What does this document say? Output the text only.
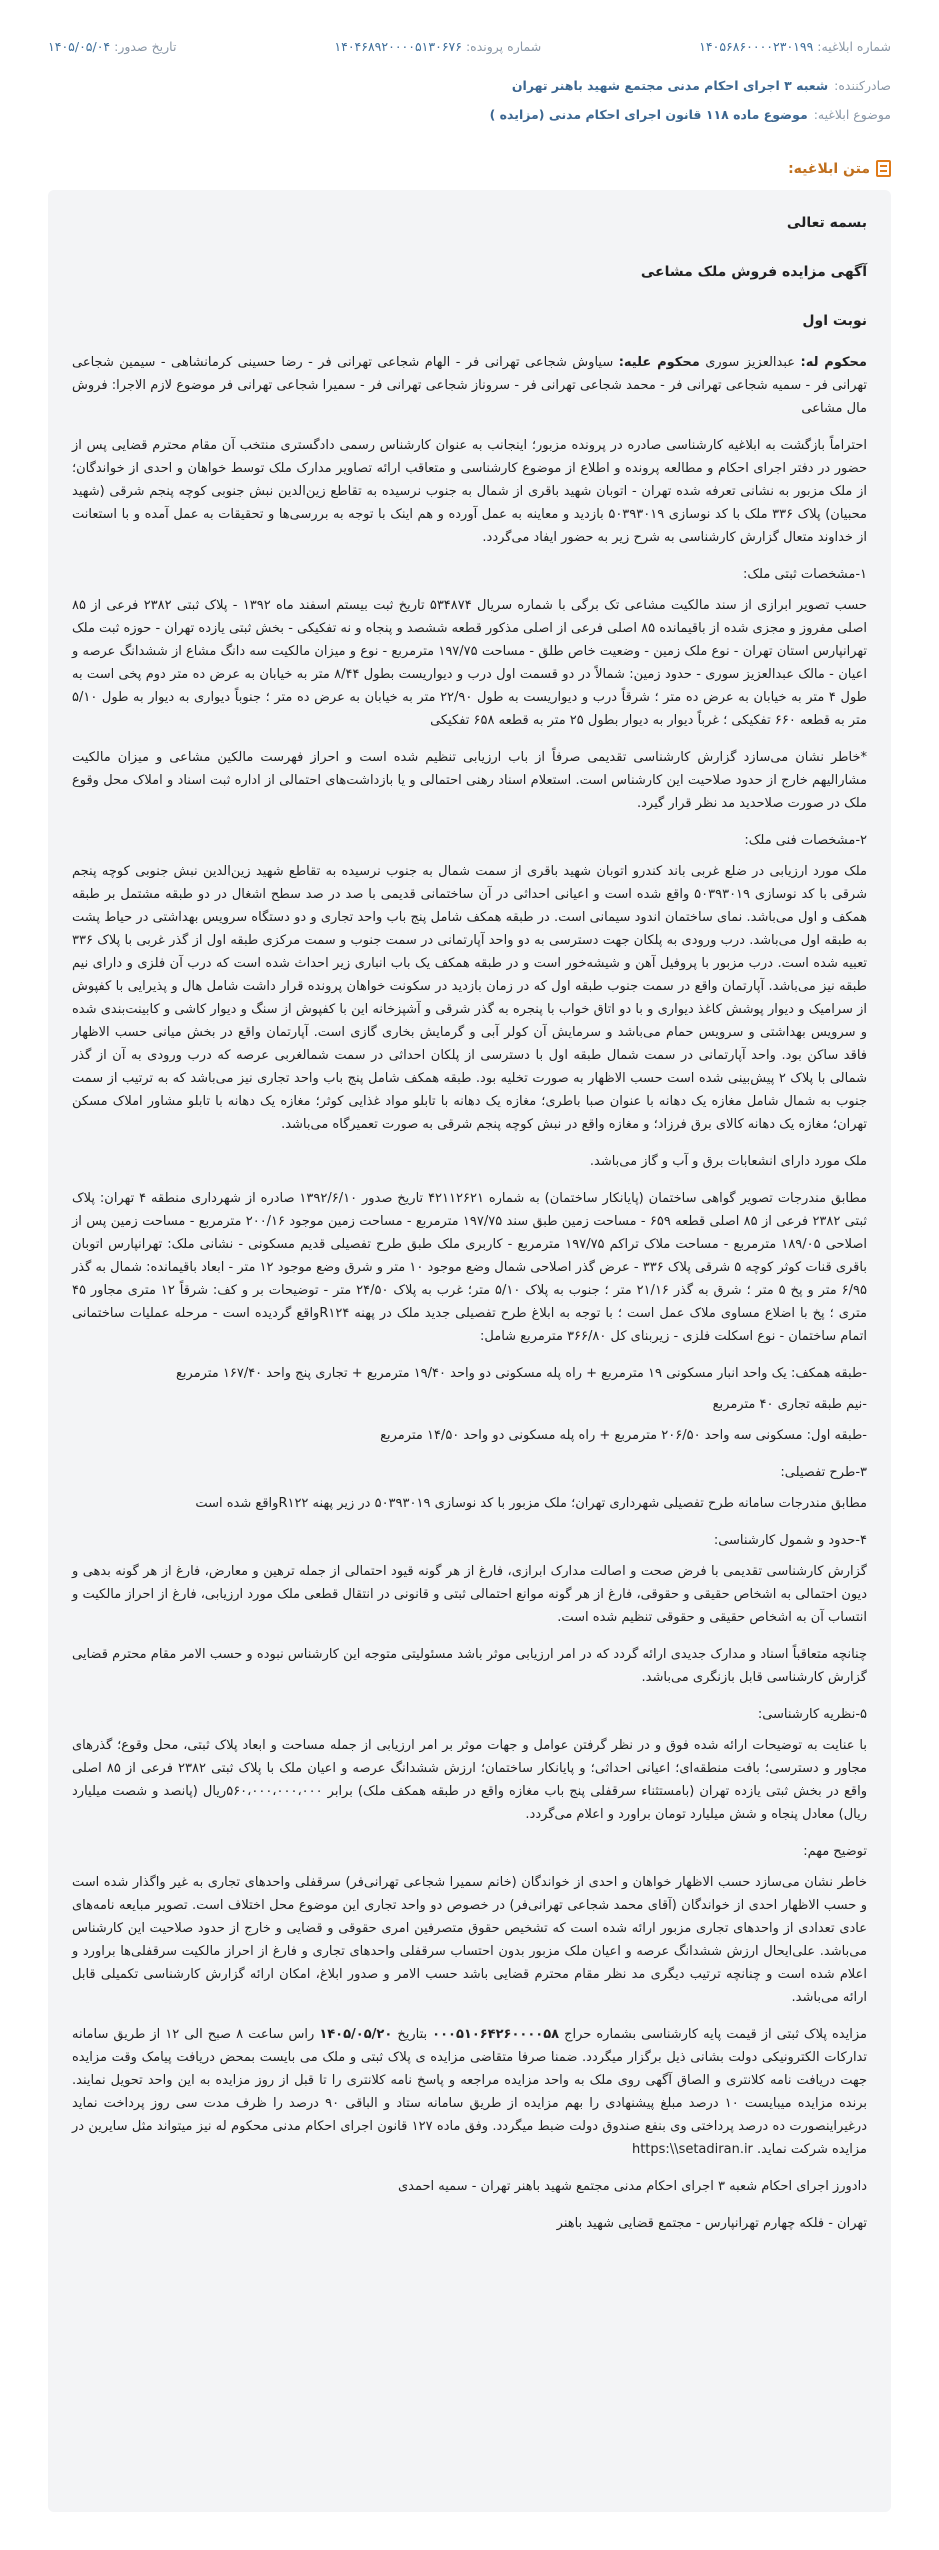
شماره ابلاغیه: ۱۴۰۵۶۸۶۰۰۰۰۲۳۰۱۹۹
شماره پرونده: ۱۴۰۴۶۸۹۲۰۰۰۰۵۱۳۰۶۷۶
تاریخ صدور: ۱۴۰۵/۰۵/۰۴
صادرکننده:
شعبه ۳ اجرای احکام مدنی مجتمع شهید باهنر تهران
موضوع ابلاغیه:
موضوع ماده ۱۱۸ قانون اجرای احکام مدنی (مزایده )
متن ابلاغیه:

بسمه تعالی

آگهی مزایده فروش ملک مشاعی

نوبت اول

محکوم له: عبدالعزیز سوری محکوم علیه: سیاوش شجاعی تهرانی فر - الهام شجاعی تهرانی فر - رضا حسینی کرمانشاهی - سیمین شجاعی تهرانی فر - سمیه شجاعی تهرانی فر - محمد شجاعی تهرانی فر - سروناز شجاعی تهرانی فر - سمیرا شجاعی تهرانی فر موضوع لازم الاجرا: فروش مال مشاعی

احتراماً بازگشت به ابلاغیه کارشناسی صادره در پرونده مزبور؛ اینجانب به عنوان کارشناس رسمی دادگستری منتخب آن مقام محترم قضایی پس از حضور در دفتر اجرای احکام و مطالعه پرونده و اطلاع از موضوع کارشناسی و متعاقب ارائه تصاویر مدارک ملک توسط خواهان و احدی از خواندگان؛ از ملک مزبور به نشانی تعرفه شده تهران - اتوبان شهید باقری از شمال به جنوب نرسیده به تقاطع زین‌الدین نبش جنوبی کوچه پنجم شرقی (شهید محبیان) پلاک ۳۳۶ ملک با کد نوسازی ۵۰۳۹۳۰۱۹ بازدید و معاینه به عمل آورده و هم اینک با توجه به بررسی‌ها و تحقیقات به عمل آمده و با استعانت از خداوند متعال گزارش کارشناسی به شرح زیر به حضور ایفاد می‌گردد.

۱-مشخصات ثبتی ملک:

حسب تصویر ابرازی از سند مالکیت مشاعی تک برگی با شماره سریال ۵۳۴۸۷۴ تاریخ ثبت بیستم اسفند ماه ۱۳۹۲ - پلاک ثبتی ۲۳۸۲ فرعی از ۸۵ اصلی مفروز و مجزی شده از باقیمانده ۸۵ اصلی فرعی از اصلی مذکور قطعه ششصد و پنجاه و نه تفکیکی - بخش ثبتی یازده تهران - حوزه ثبت ملک تهرانپارس استان تهران - نوع ملک زمین - وضعیت خاص طلق - مساحت ۱۹۷/۷۵ مترمربع - نوع و میزان مالکیت سه دانگ مشاع از ششدانگ عرصه و اعیان - مالک عبدالعزیز سوری - حدود زمین: شمالاً در دو قسمت اول درب و دیواریست بطول ۸/۴۴ متر به خیابان به عرض ده متر دوم پخی است به طول ۴ متر به خیابان به عرض ده متر ؛ شرقاً درب و دیواریست به طول ۲۲/۹۰ متر به خیابان به عرض ده متر ؛ جنوباً دیواری به دیوار به طول ۵/۱۰ متر به قطعه ۶۶۰ تفکیکی ؛ غرباً دیوار به دیوار بطول ۲۵ متر به قطعه ۶۵۸ تفکیکی

*خاطر نشان می‌سازد گزارش کارشناسی تقدیمی صرفاً از باب ارزیابی تنظیم شده است و احراز فهرست مالکین مشاعی و میزان مالکیت مشارالیهم خارج از حدود صلاحیت این کارشناس است. استعلام اسناد رهنی احتمالی و یا بازداشت‌های احتمالی از اداره ثبت اسناد و املاک محل وقوع ملک در صورت صلاحدید مد نظر قرار گیرد.

۲-مشخصات فنی ملک:

ملک مورد ارزیابی در ضلع غربی باند کندرو اتوبان شهید باقری از سمت شمال به جنوب نرسیده به تقاطع شهید زین‌الدین نبش جنوبی کوچه پنجم شرقی با کد نوسازی ۵۰۳۹۳۰۱۹ واقع شده است و اعیانی احداثی در آن ساختمانی قدیمی با صد در صد سطح اشغال در دو طبقه مشتمل بر طبقه همکف و اول می‌باشد. نمای ساختمان اندود سیمانی است. در طبقه همکف شامل پنج باب واحد تجاری و دو دستگاه سرویس بهداشتی در حیاط پشت به طبقه اول می‌باشد. درب ورودی به پلکان جهت دسترسی به دو واحد آپارتمانی در سمت جنوب و سمت مرکزی طبقه اول از گذر غربی با پلاک ۳۳۶ تعبیه شده است. درب مزبور با پروفیل آهن و شیشه‌خور است و در طبقه همکف یک باب انباری زیر احداث شده است که درب آن فلزی و دارای نیم طبقه نیز می‌باشد. آپارتمان واقع در سمت جنوب طبقه اول که در زمان بازدید در سکونت خواهان پرونده قرار داشت شامل هال و پذیرایی با کفپوش از سرامیک و دیوار پوشش کاغذ دیواری و با دو اتاق خواب با پنجره به گذر شرقی و آشپزخانه این با کفپوش از سنگ و دیوار کاشی و کابینت‌بندی شده و سرویس بهداشتی و سرویس حمام می‌باشد و سرمایش آن کولر آبی و گرمایش بخاری گازی است. آپارتمان واقع در بخش میانی حسب الاظهار فاقد ساکن بود. واحد آپارتمانی در سمت شمال طبقه اول با دسترسی از پلکان احداثی در سمت شمالغربی عرصه که درب ورودی به آن از گذر شمالی با پلاک ۲ پیش‌بینی شده است حسب الاظهار به صورت تخلیه بود. طبقه همکف شامل پنج باب واحد تجاری نیز می‌باشد که به ترتیب از سمت جنوب به شمال شامل مغازه یک دهانه با عنوان صبا باطری؛ مغازه یک دهانه با تابلو مواد غذایی کوثر؛ مغازه یک دهانه با تابلو مشاور املاک مسکن تهران؛ مغازه یک دهانه کالای برق فرزاد؛ و مغازه واقع در نبش کوچه پنجم شرقی به صورت تعمیرگاه می‌باشد.

ملک مورد دارای انشعابات برق و آب و گاز می‌باشد.

مطابق مندرجات تصویر گواهی ساختمان (پایانکار ساختمان) به شماره ۴۲۱۱۲۶۲۱ تاریخ صدور ۱۳۹۲/۶/۱۰ صادره از شهرداری منطقه ۴ تهران: پلاک ثبتی ۲۳۸۲ فرعی از ۸۵ اصلی قطعه ۶۵۹ - مساحت زمین طبق سند ۱۹۷/۷۵ مترمربع - مساحت زمین موجود ۲۰۰/۱۶ مترمربع - مساحت زمین پس از اصلاحی ۱۸۹/۰۵ مترمربع - مساحت ملاک تراکم ۱۹۷/۷۵ مترمربع - کاربری ملک طبق طرح تفصیلی قدیم مسکونی - نشانی ملک: تهرانپارس اتوبان باقری قنات کوثر کوچه ۵ شرقی پلاک ۳۳۶ - عرض گذر اصلاحی شمال وضع موجود ۱۰ متر و شرق وضع موجود ۱۲ متر - ابعاد باقیمانده: شمال به گذر ۶/۹۵ متر و پخ ۵ متر ؛ شرق به گذر ۲۱/۱۶ متر ؛ جنوب به پلاک ۵/۱۰ متر؛ غرب به پلاک ۲۴/۵۰ متر - توضیحات بر و کف: شرقاً ۱۲ متری مجاور ۴۵ متری ؛ پخ با اضلاع مساوی ملاک عمل است ؛ با توجه به ابلاغ طرح تفصیلی جدید ملک در پهنه R۱۲۴واقع گردیده است - مرحله عملیات ساختمانی اتمام ساختمان - نوع اسکلت فلزی - زیربنای کل ۳۶۶/۸۰ مترمربع شامل:

-طبقه همکف: یک واحد انبار مسکونی ۱۹ مترمربع + راه پله مسکونی دو واحد ۱۹/۴۰ مترمربع + تجاری پنج واحد ۱۶۷/۴۰ مترمربع

-نیم طبقه تجاری ۴۰ مترمربع

-طبقه اول: مسکونی سه واحد ۲۰۶/۵۰ مترمربع + راه پله مسکونی دو واحد ۱۴/۵۰ مترمربع

۳-طرح تفصیلی:

مطابق مندرجات سامانه طرح تفصیلی شهرداری تهران؛ ملک مزبور با کد نوسازی ۵۰۳۹۳۰۱۹ در زیر پهنه R۱۲۲واقع شده است

۴-حدود و شمول کارشناسی:

گزارش کارشناسی تقدیمی با فرض صحت و اصالت مدارک ابرازی، فارغ از هر گونه قیود احتمالی از جمله ترهین و معارض، فارغ از هر گونه بدهی و دیون احتمالی به اشخاص حقیقی و حقوقی، فارغ از هر گونه موانع احتمالی ثبتی و قانونی در انتقال قطعی ملک مورد ارزیابی، فارغ از احراز مالکیت و انتساب آن به اشخاص حقیقی و حقوقی تنظیم شده است.

چنانچه متعاقباً اسناد و مدارک جدیدی ارائه گردد که در امر ارزیابی موثر باشد مسئولیتی متوجه این کارشناس نبوده و حسب الامر مقام محترم قضایی گزارش کارشناسی قابل بازنگری می‌باشد.

۵-نظریه کارشناسی:

با عنایت به توضیحات ارائه شده فوق و در نظر گرفتن عوامل و جهات موثر بر امر ارزیابی از جمله مساحت و ابعاد پلاک ثبتی، محل وقوع؛ گذرهای مجاور و دسترسی؛ بافت منطقه‌ای؛ اعیانی احداثی؛ و پایانکار ساختمان؛ ارزش ششدانگ عرصه و اعیان ملک با پلاک ثبتی ۲۳۸۲ فرعی از ۸۵ اصلی واقع در بخش ثبتی یازده تهران (بامستثناء سرقفلی پنج باب مغازه واقع در طبقه همکف ملک) برابر ۵۶۰،۰۰۰،۰۰۰،۰۰۰ریال (پانصد و شصت میلیارد ریال) معادل پنجاه و شش میلیارد تومان براورد و اعلام می‌گردد.

توضیح مهم:

خاطر نشان می‌سازد حسب الاظهار خواهان و احدی از خواندگان (خانم سمیرا شجاعی تهرانی‌فر) سرقفلی واحدهای تجاری به غیر واگذار شده است و حسب الاظهار احدی از خواندگان (آقای محمد شجاعی تهرانی‌فر) در خصوص دو واحد تجاری این موضوع محل اختلاف است. تصویر مبایعه نامه‌های عادی تعدادی از واحدهای تجاری مزبور ارائه شده است که تشخیص حقوق متصرفین امری حقوقی و قضایی و خارج از حدود صلاحیت این کارشناس می‌باشد. علی‌ایحال ارزش ششدانگ عرصه و اعیان ملک مزبور بدون احتساب سرقفلی واحدهای تجاری و فارغ از احراز مالکیت سرقفلی‌ها براورد و اعلام شده است و چنانچه ترتیب دیگری مد نظر مقام محترم قضایی باشد حسب الامر و صدور ابلاغ، امکان ارائه گزارش کارشناسی تکمیلی قابل ارائه می‌باشد.

مزایده پلاک ثبتی از قیمت پایه کارشناسی بشماره حراج ۰۰۰۵۱۰۶۴۲۶۰۰۰۰۵۸ بتاریخ ۱۴۰۵/۰۵/۲۰ راس ساعت ۸ صبح الی ۱۲ از طریق سامانه تدارکات الکترونیکی دولت بشانی ذیل برگزار میگردد. ضمنا صرفا متقاضی مزایده ی پلاک ثبتی و ملک می بایست بمحض دریافت پیامک وقت مزایده جهت دریافت نامه کلانتری و الصاق آگهی روی ملک به واحد مزایده مراجعه و پاسخ نامه کلانتری را تا قبل از روز مزایده به این واحد تحویل نمایند. برنده مزایده میبایست ۱۰ درصد مبلغ پیشنهادی را بهم مزایده از طریق سامانه ستاد و الباقی ۹۰ درصد را ظرف مدت سی روز پرداخت نماید درغیراینصورت ده درصد پرداختی وی بنفع صندوق دولت ضبط میگردد. وفق ماده ۱۲۷ قانون اجرای احکام مدنی محکوم له نیز میتواند مثل سایرین در مزایده شرکت نماید. https:\\setadiran.ir

دادورز اجرای احکام شعبه ۳ اجرای احکام مدنی مجتمع شهید باهنر تهران - سمیه احمدی

تهران - فلکه چهارم تهرانپارس - مجتمع قضایی شهید باهنر
